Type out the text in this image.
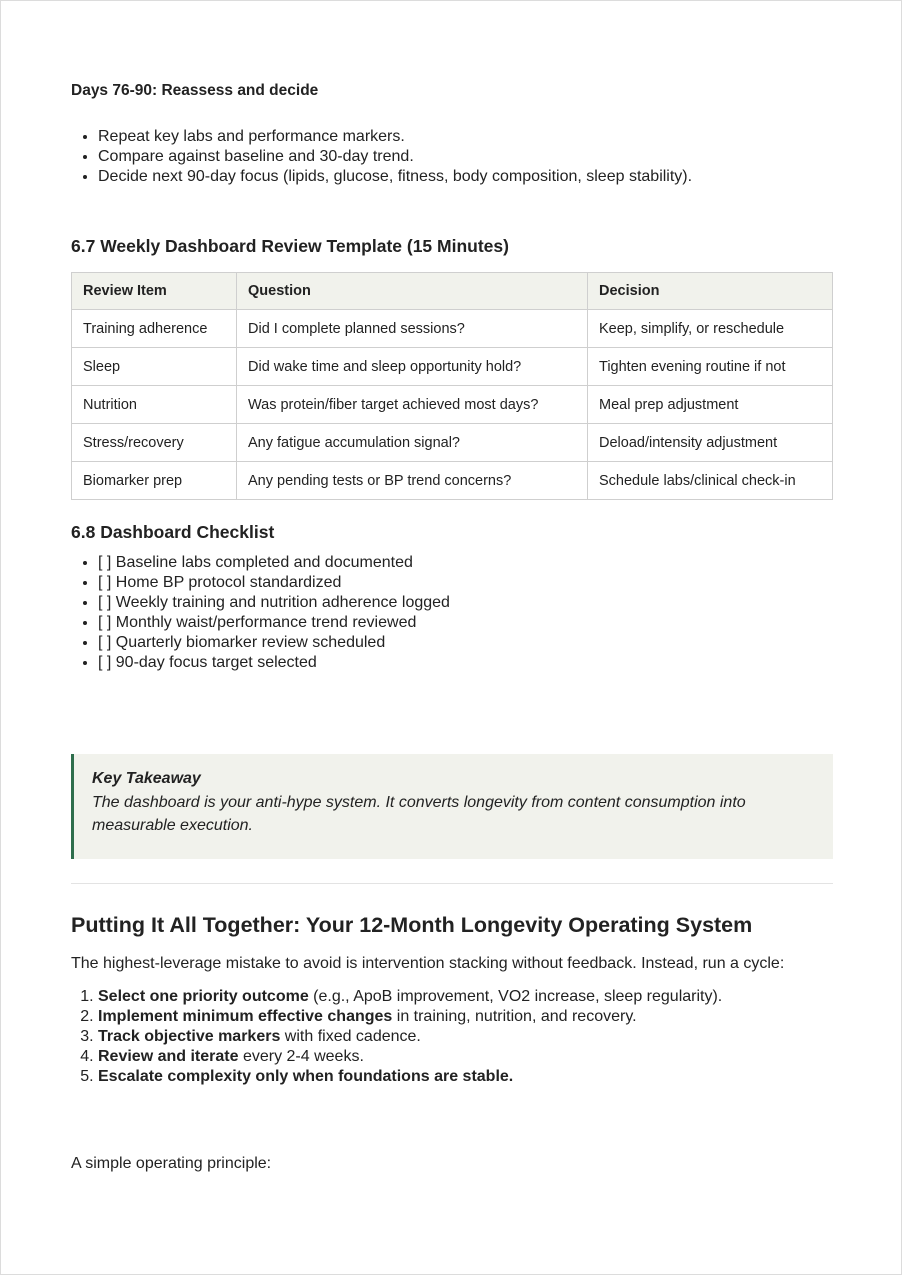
Days 76-90: Reassess and decide
• Repeat key labs and performance markers.
• Compare against baseline and 30-day trend.
• Decide next 90-day focus (lipids, glucose, fitness, body composition, sleep stability).
6.7 Weekly Dashboard Review Template (15 Minutes)
Review Item	Question	Decision
Training adherence	Did I complete planned sessions?	Keep, simplify, or reschedule
Sleep	Did wake time and sleep opportunity hold?	Tighten evening routine if not
Nutrition	Was protein/fiber target achieved most days?	Meal prep adjustment
Stress/recovery	Any fatigue accumulation signal?	Deload/intensity adjustment
Biomarker prep	Any pending tests or BP trend concerns?	Schedule labs/clinical check-in
6.8 Dashboard Checklist
• [ ] Baseline labs completed and documented
• [ ] Home BP protocol standardized
• [ ] Weekly training and nutrition adherence logged
• [ ] Monthly waist/performance trend reviewed
• [ ] Quarterly biomarker review scheduled
• [ ] 90-day focus target selected
Key Takeaway
The dashboard is your anti-hype system. It converts longevity from content consumption into measurable execution.
Putting It All Together: Your 12-Month Longevity Operating System

The highest-leverage mistake to avoid is intervention stacking without feedback. Instead, run a cycle:

1. Select one priority outcome (e.g., ApoB improvement, VO2 increase, sleep regularity).
2. Implement minimum effective changes in training, nutrition, and recovery.
3. Track objective markers with fixed cadence.
4. Review and iterate every 2-4 weeks.
5. Escalate complexity only when foundations are stable.

A simple operating principle:
